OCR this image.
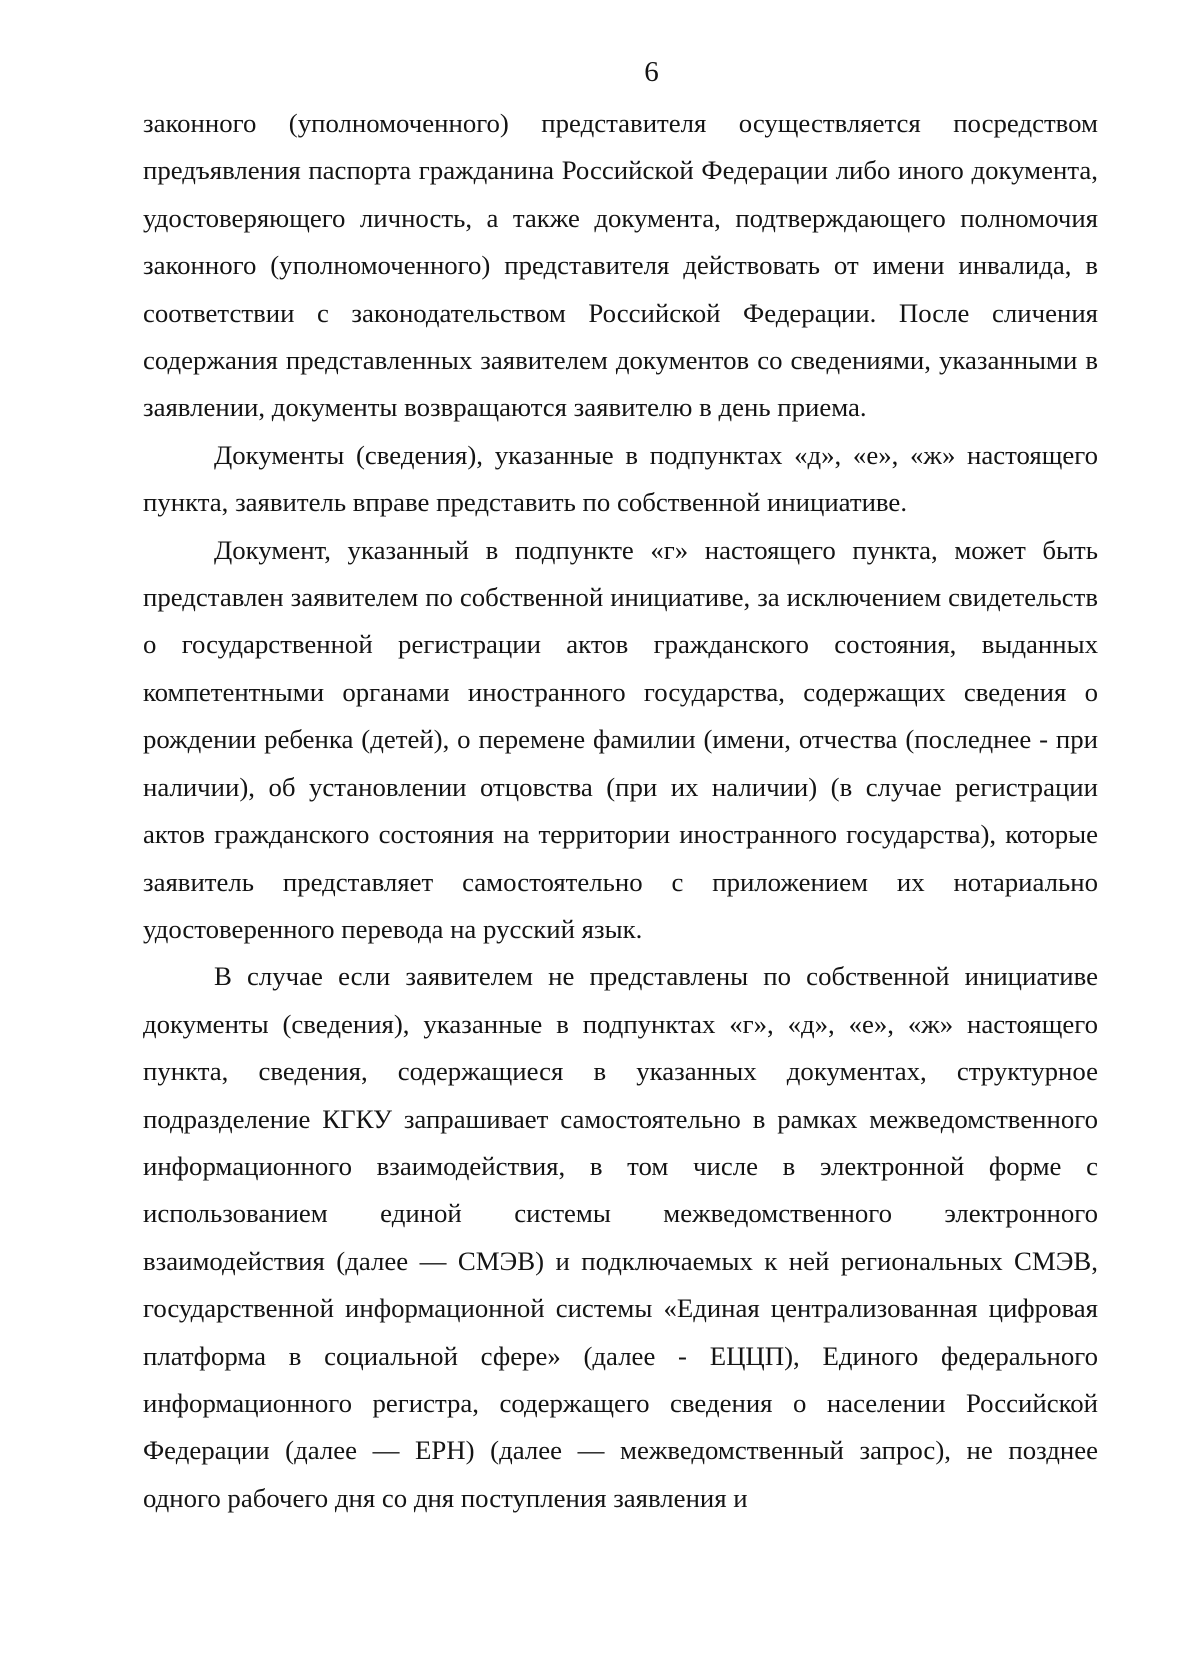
6

законного (уполномоченного) представителя осуществляется посредством предъявления паспорта гражданина Российской Федерации либо иного документа, удостоверяющего личность, а также документа, подтверждающего полномочия законного (уполномоченного) представителя действовать от имени инвалида, в соответствии с законодательством Российской Федерации. После сличения содержания представленных заявителем документов со сведениями, указанными в заявлении, документы возвращаются заявителю в день приема.

Документы (сведения), указанные в подпунктах «д», «е», «ж» настоящего пункта, заявитель вправе представить по собственной инициативе.

Документ, указанный в подпункте «г» настоящего пункта, может быть представлен заявителем по собственной инициативе, за исключением свидетельств о государственной регистрации актов гражданского состояния, выданных компетентными органами иностранного государства, содержащих сведения о рождении ребенка (детей), о перемене фамилии (имени, отчества (последнее - при наличии), об установлении отцовства (при их наличии) (в случае регистрации актов гражданского состояния на территории иностранного государства), которые заявитель представляет самостоятельно с приложением их нотариально удостоверенного перевода на русский язык.

В случае если заявителем не представлены по собственной инициативе документы (сведения), указанные в подпунктах «г», «д», «е», «ж» настоящего пункта, сведения, содержащиеся в указанных документах, структурное подразделение КГКУ запрашивает самостоятельно в рамках межведомственного информационного взаимодействия, в том числе в электронной форме с использованием единой системы межведомственного электронного взаимодействия (далее — СМЭВ) и подключаемых к ней региональных СМЭВ, государственной информационной системы «Единая централизованная цифровая платформа в социальной сфере» (далее - ЕЦЦП), Единого федерального информационного регистра, содержащего сведения о населении Российской Федерации (далее — ЕРН) (далее — межведомственный запрос), не позднее одного рабочего дня со дня поступления заявления и
